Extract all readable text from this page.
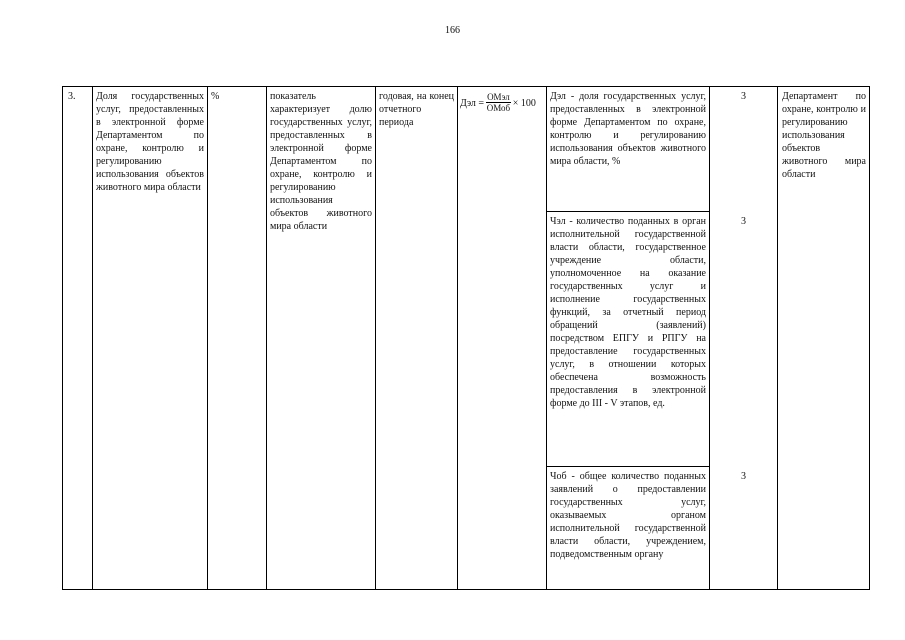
166
3.	Доля государственных услуг, предоставленных в электронной форме Департаментом по охране, контролю и регулированию использования объектов животного мира области
%	показатель характеризует долю государственных услуг, предоставленных в электронной форме Департаментом по охране, контролю и регулированию использования объектов животного мира области
годовая, на конец отчетного периода
Дэл = $\frac{\text{ОМэл}}{\text{ОМоб}} \times 100$
Дэл - доля государственных услуг, предоставленных в электронной форме Департаментом по охране, контролю и регулированию использования объектов животного мира области, %
3
Чэл - количество поданных в орган исполнительной государственной власти области, государственное учреждение области, уполномоченное на оказание государственных услуг и исполнение государственных функций, за отчетный период обращений (заявлений) посредством ЕПГУ и РПГУ на предоставление государственных услуг, в отношении которых обеспечена возможность предоставления в электронной форме до III - V этапов, ед.
3
Чоб - общее количество поданных заявлений о предоставлении государственных услуг, оказываемых органом исполнительной государственной власти области, учреждением, подведомственным органу
3
Департамент по охране, контролю и регулированию использования объектов животного мира области
